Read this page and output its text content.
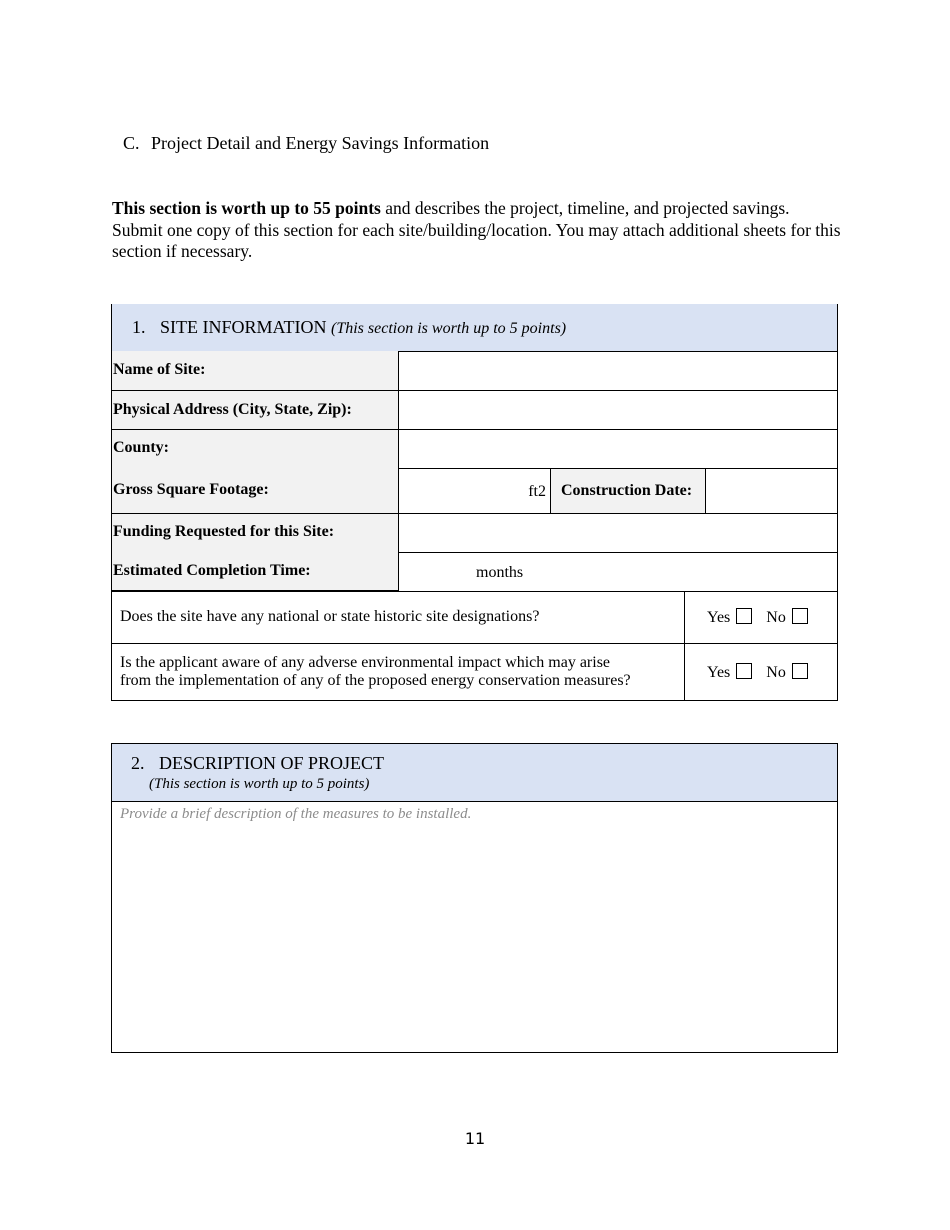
C. Project Detail and Energy Savings Information
This section is worth up to 55 points and describes the project, timeline, and projected savings. Submit one copy of this section for each site/building/location. You may attach additional sheets for this section if necessary.
1. SITE INFORMATION (This section is worth up to 5 points)
Name of Site:
Physical Address (City, State, Zip):
County:
Gross Square Footage:
Funding Requested for this Site:
Estimated Completion Time:
ft2 Construction Date:
months
Does the site have any national or state historic site designations?	Yes No
Is the applicant aware of any adverse environmental impact which may arise
from the implementation of any of the proposed energy conservation measures?	Yes No
2. DESCRIPTION OF PROJECT
(This section is worth up to 5 points)
Provide a brief description of the measures to be installed.
11
